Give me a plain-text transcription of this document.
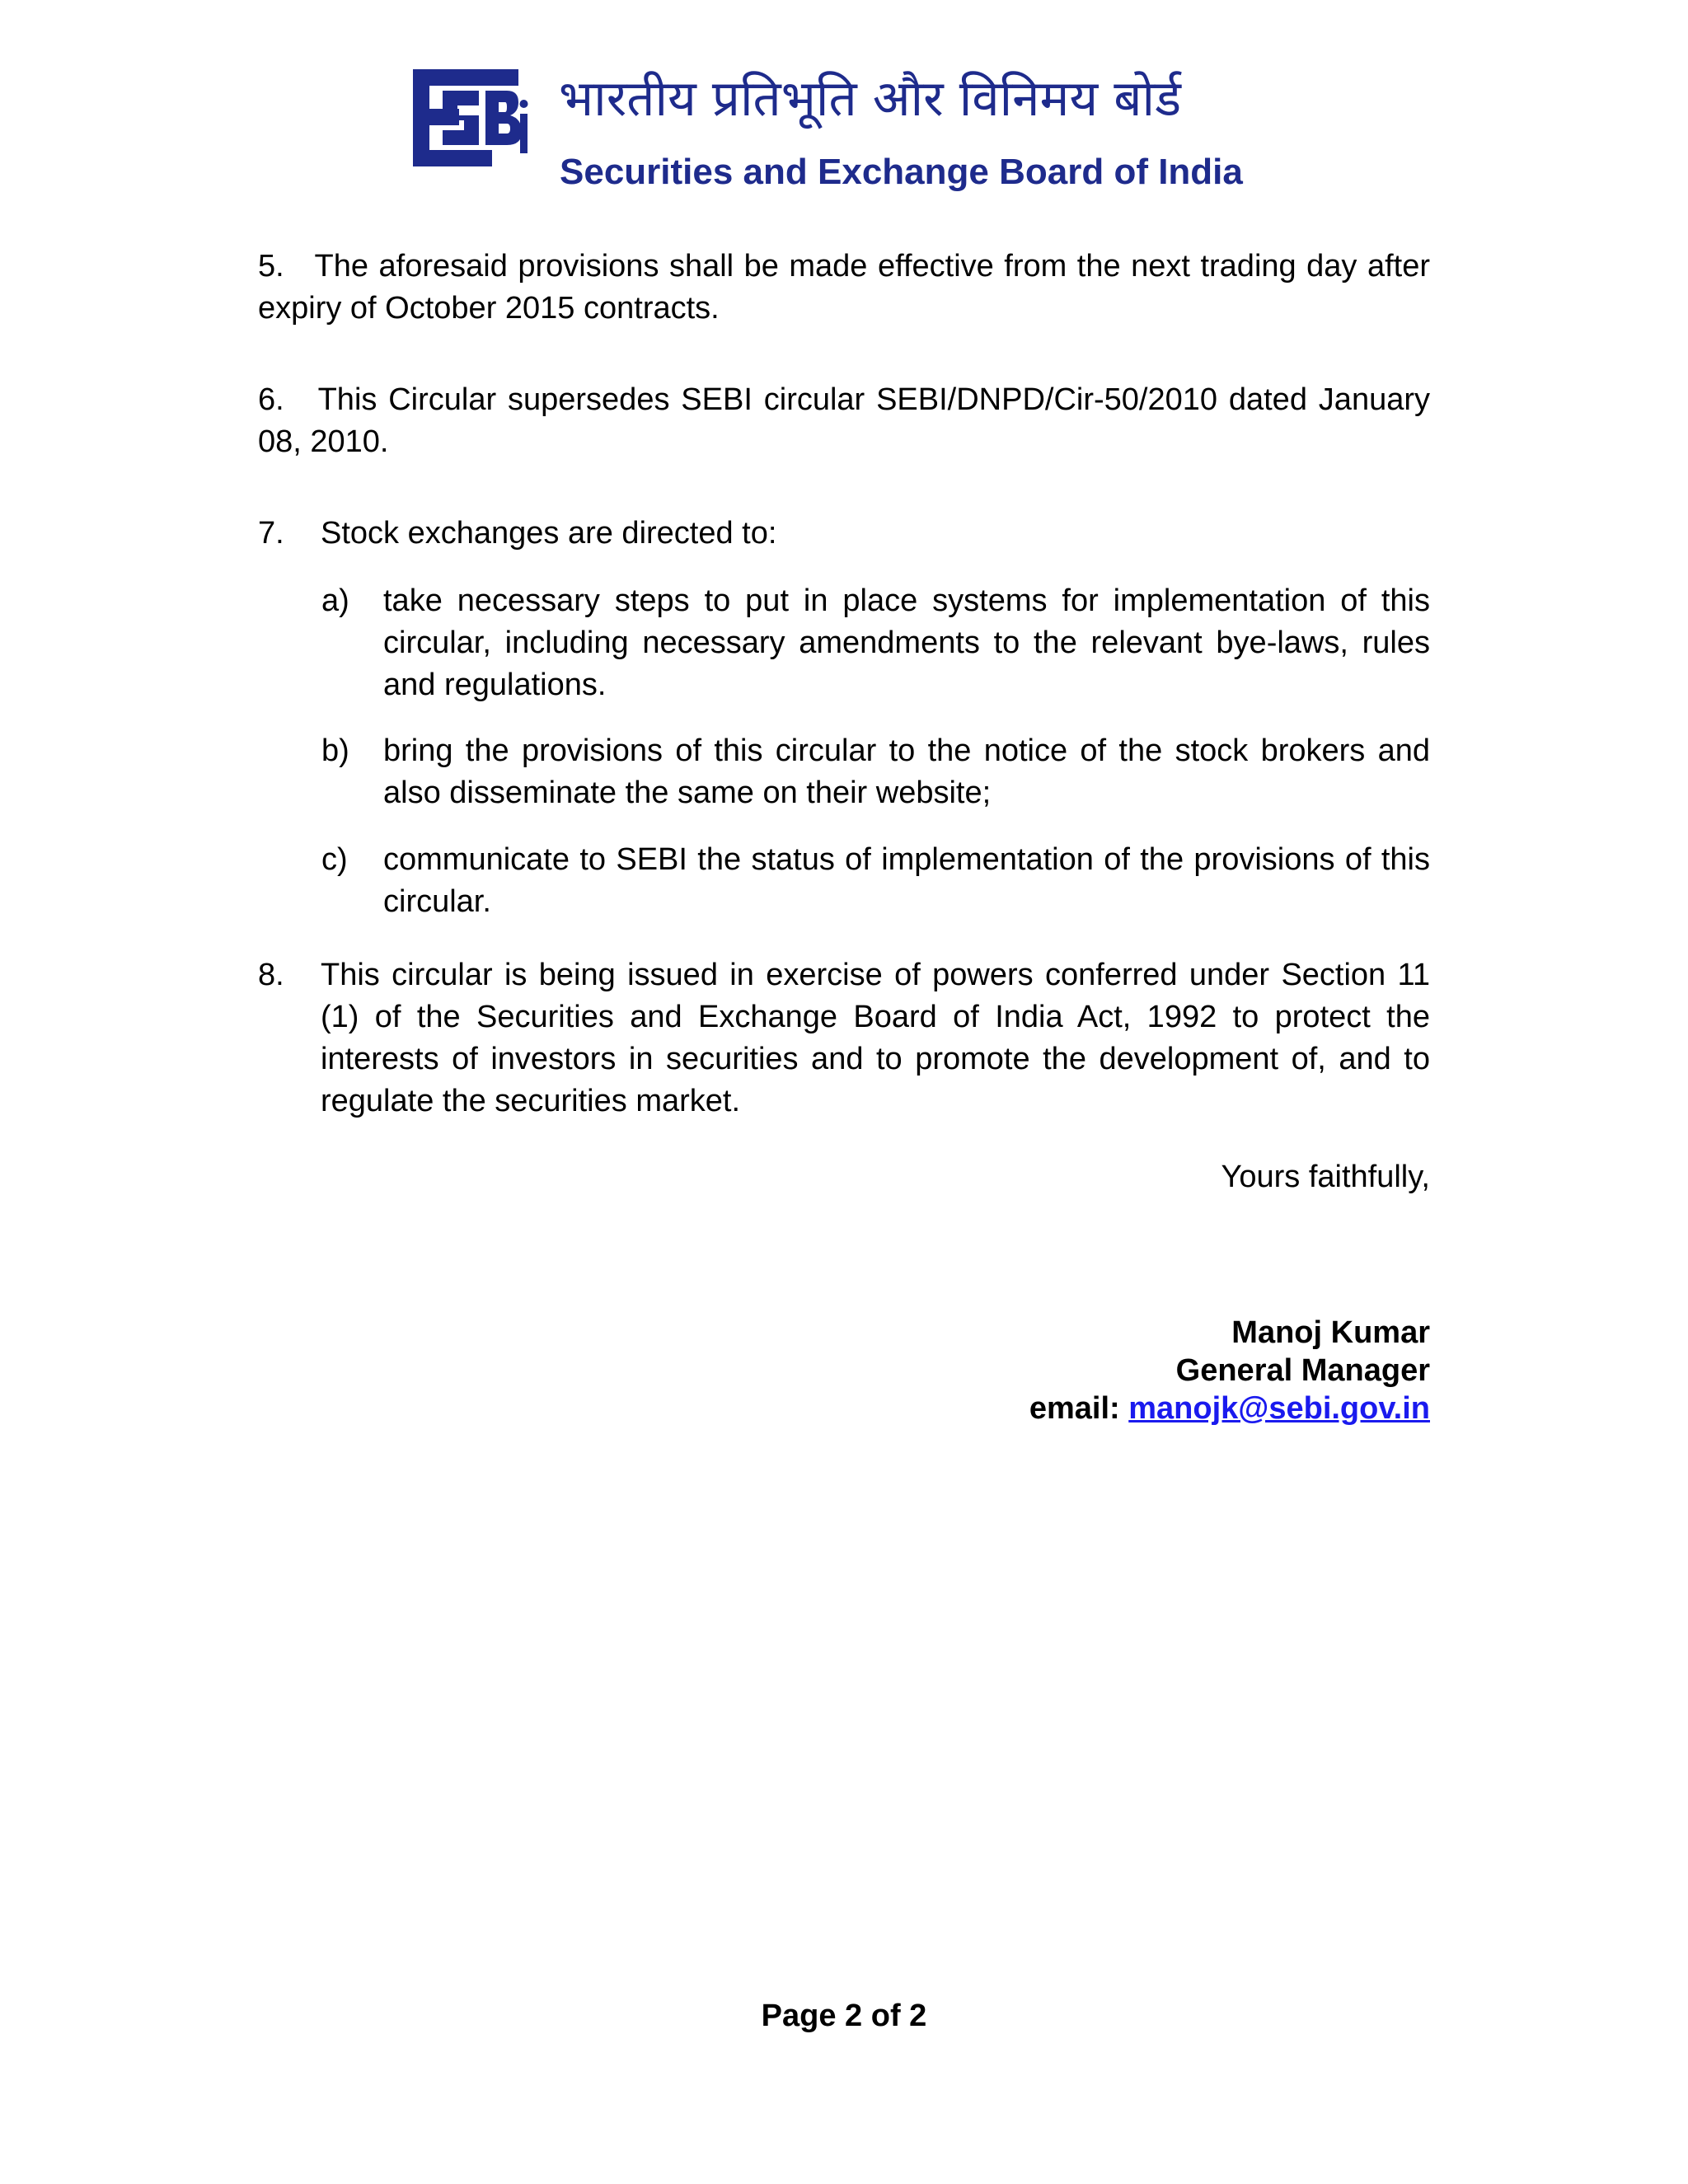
भारतीय प्रतिभूति और विनिमय बोर्ड
Securities and Exchange Board of India
5. The aforesaid provisions shall be made effective from the next trading day after expiry of October 2015 contracts.
6. This Circular supersedes SEBI circular SEBI/DNPD/Cir-50/2010 dated January 08, 2010.
7. Stock exchanges are directed to:
a) take necessary steps to put in place systems for implementation of this circular, including necessary amendments to the relevant bye-laws, rules and regulations.
b) bring the provisions of this circular to the notice of the stock brokers and also disseminate the same on their website;
c) communicate to SEBI the status of implementation of the provisions of this circular.
8. This circular is being issued in exercise of powers conferred under Section 11 (1) of the Securities and Exchange Board of India Act, 1992 to protect the interests of investors in securities and to promote the development of, and to regulate the securities market.
Yours faithfully,
Manoj Kumar
General Manager
email: manojk@sebi.gov.in
Page 2 of 2
